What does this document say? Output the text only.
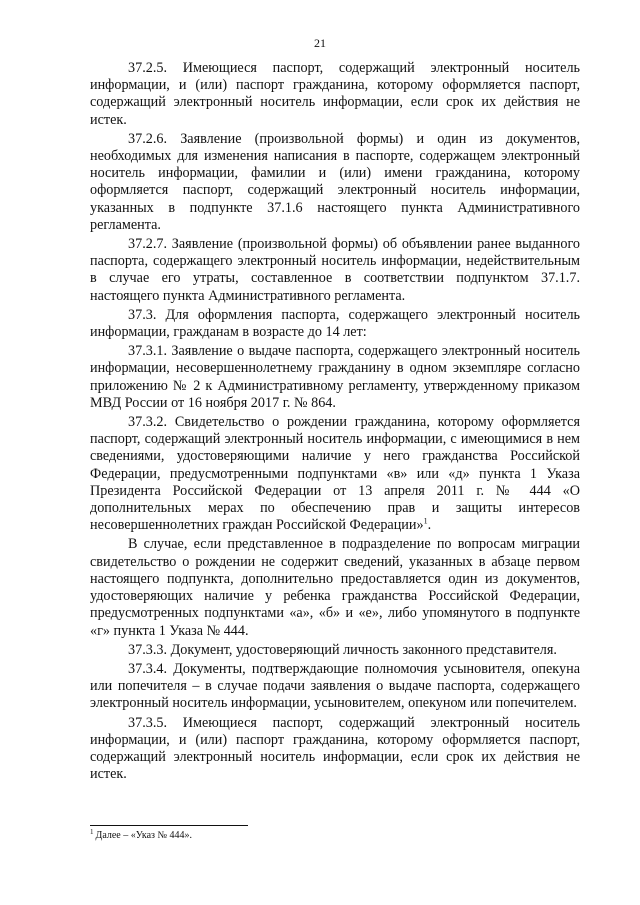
21

37.2.5. Имеющиеся паспорт, содержащий электронный носитель информации, и (или) паспорт гражданина, которому оформляется паспорт, содержащий электронный носитель информации, если срок их действия не истек.

37.2.6. Заявление (произвольной формы) и один из документов, необходимых для изменения написания в паспорте, содержащем электронный носитель информации, фамилии и (или) имени гражданина, которому оформляется паспорт, содержащий электронный носитель информации, указанных в подпункте 37.1.6 настоящего пункта Административного регламента.

37.2.7. Заявление (произвольной формы) об объявлении ранее выданного паспорта, содержащего электронный носитель информации, недействительным в случае его утраты, составленное в соответствии подпунктом 37.1.7. настоящего пункта Административного регламента.

37.3. Для оформления паспорта, содержащего электронный носитель информации, гражданам в возрасте до 14 лет:

37.3.1. Заявление о выдаче паспорта, содержащего электронный носитель информации, несовершеннолетнему гражданину в одном экземпляре согласно приложению № 2 к Административному регламенту, утвержденному приказом МВД России от 16 ноября 2017 г. № 864.

37.3.2. Свидетельство о рождении гражданина, которому оформляется паспорт, содержащий электронный носитель информации, с имеющимися в нем сведениями, удостоверяющими наличие у него гражданства Российской Федерации, предусмотренными подпунктами «в» или «д» пункта 1 Указа Президента Российской Федерации от 13 апреля 2011 г. № 444 «О дополнительных мерах по обеспечению прав и защиты интересов несовершеннолетних граждан Российской Федерации»$^1$.

В случае, если представленное в подразделение по вопросам миграции свидетельство о рождении не содержит сведений, указанных в абзаце первом настоящего подпункта, дополнительно предоставляется один из документов, удостоверяющих наличие у ребенка гражданства Российской Федерации, предусмотренных подпунктами «а», «б» и «е», либо упомянутого в подпункте «г» пункта 1 Указа № 444.

37.3.3. Документ, удостоверяющий личность законного представителя.

37.3.4. Документы, подтверждающие полномочия усыновителя, опекуна или попечителя – в случае подачи заявления о выдаче паспорта, содержащего электронный носитель информации, усыновителем, опекуном или попечителем.

37.3.5. Имеющиеся паспорт, содержащий электронный носитель информации, и (или) паспорт гражданина, которому оформляется паспорт, содержащий электронный носитель информации, если срок их действия не истек.

$^1$ Далее – «Указ № 444».
